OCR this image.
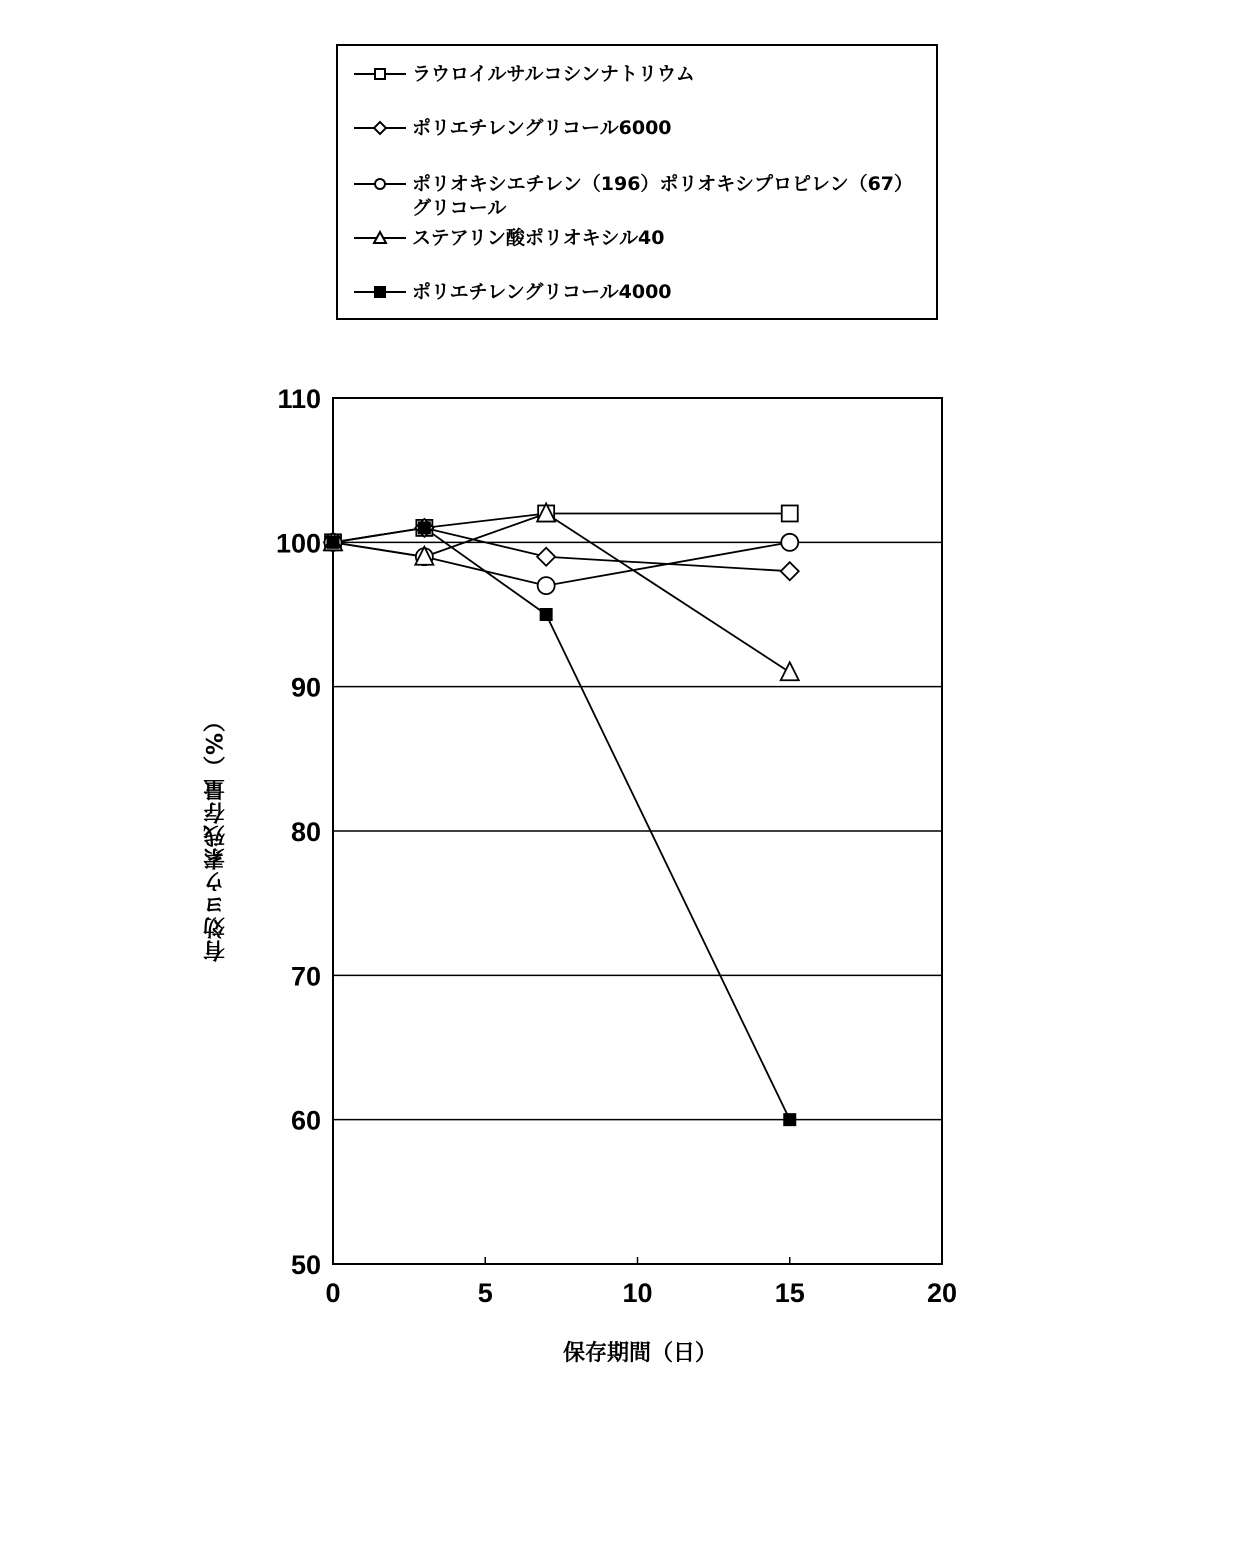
ラウロイルサルコシンナトリウム
ポリエチレングリコール6000
ポリオキシエチレン（196）ポリオキシプロピレン（67）
グリコール
ステアリン酸ポリオキシル40
ポリエチレングリコール4000
有効ヨウ素残存量（%）
50
60
70
80
90
100
110
0	5	10	15	20
保存期間（日）
